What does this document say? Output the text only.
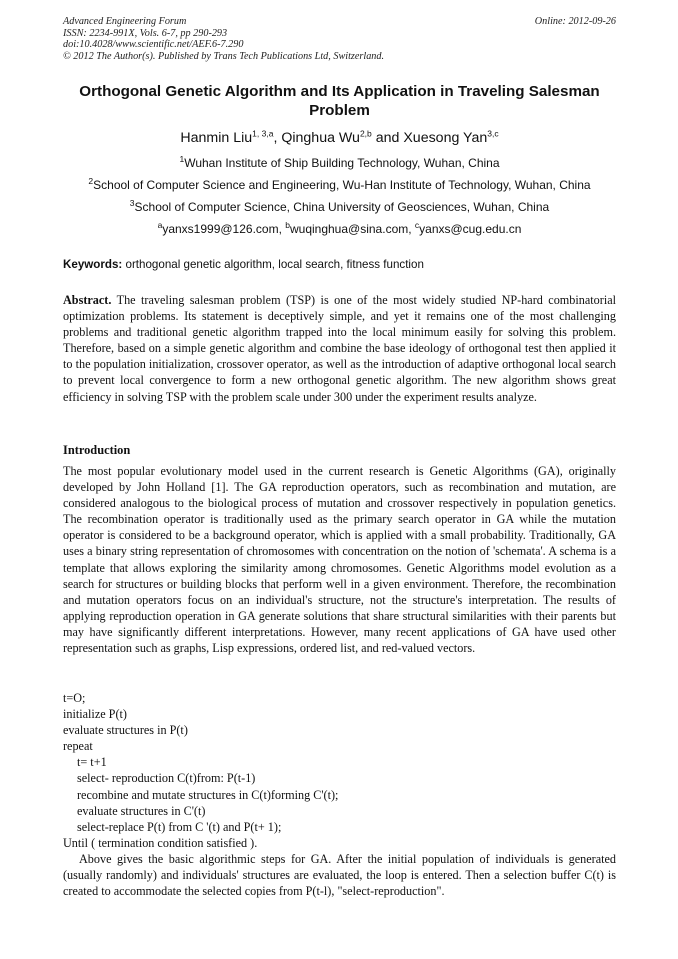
Advanced Engineering Forum	Online: 2012-09-26
ISSN: 2234-991X, Vols. 6-7, pp 290-293
doi:10.4028/www.scientific.net/AEF.6-7.290
© 2012 The Author(s). Published by Trans Tech Publications Ltd, Switzerland.
Orthogonal Genetic Algorithm and Its Application in Traveling Salesman Problem
Hanmin Liu$^{1, 3,a}$, Qinghua Wu$^{2,b}$ and Xuesong Yan$^{3,c}$
$^1$Wuhan Institute of Ship Building Technology, Wuhan, China
$^2$School of Computer Science and Engineering, Wu-Han Institute of Technology, Wuhan, China
$^3$School of Computer Science, China University of Geosciences, Wuhan, China
$^a$yanxs1999@126.com, $^b$wuqinghua@sina.com, $^c$yanxs@cug.edu.cn
Keywords: orthogonal genetic algorithm, local search, fitness function
Abstract. The traveling salesman problem (TSP) is one of the most widely studied NP-hard combinatorial optimization problems. Its statement is deceptively simple, and yet it remains one of the most challenging problems and traditional genetic algorithm trapped into the local minimum easily for solving this problem. Therefore, based on a simple genetic algorithm and combine the base ideology of orthogonal test then applied it to the population initialization, crossover operator, as well as the introduction of adaptive orthogonal local search to prevent local convergence to form a new orthogonal genetic algorithm. The new algorithm shows great efficiency in solving TSP with the problem scale under 300 under the experiment results analyze.
Introduction
The most popular evolutionary model used in the current research is Genetic Algorithms (GA), originally developed by John Holland [1]. The GA reproduction operators, such as recombination and mutation, are considered analogous to the biological process of mutation and crossover respectively in population genetics. The recombination operator is traditionally used as the primary search operator in GA while the mutation operator is considered to be a background operator, which is applied with a small probability. Traditionally, GA uses a binary string representation of chromosomes with concentration on the notion of 'schemata'. A schema is a template that allows exploring the similarity among chromosomes. Genetic Algorithms model evolution as a search for structures or building blocks that perform well in a given environment. Therefore, the recombination and mutation operators focus on an individual's structure, not the structure's interpretation. The results of applying reproduction operation in GA generate solutions that share structural similarities with their parents but may have significantly different interpretations. However, many recent applications of GA have used other representation such as graphs, Lisp expressions, ordered list, and red-valued vectors.
t=O;
initialize P(t)
evaluate structures in P(t)
repeat
t= t+1
select- reproduction C(t)from: P(t-1)
recombine and mutate structures in C(t)forming C'(t);
evaluate structures in C'(t)
select-replace P(t) from C '(t) and P(t+ 1);
Until ( termination condition satisfied ).
Above gives the basic algorithmic steps for GA. After the initial population of individuals is generated (usually randomly) and individuals' structures are evaluated, the loop is entered. Then a selection buffer C(t) is created to accommodate the selected copies from P(t-l), "select-reproduction".
